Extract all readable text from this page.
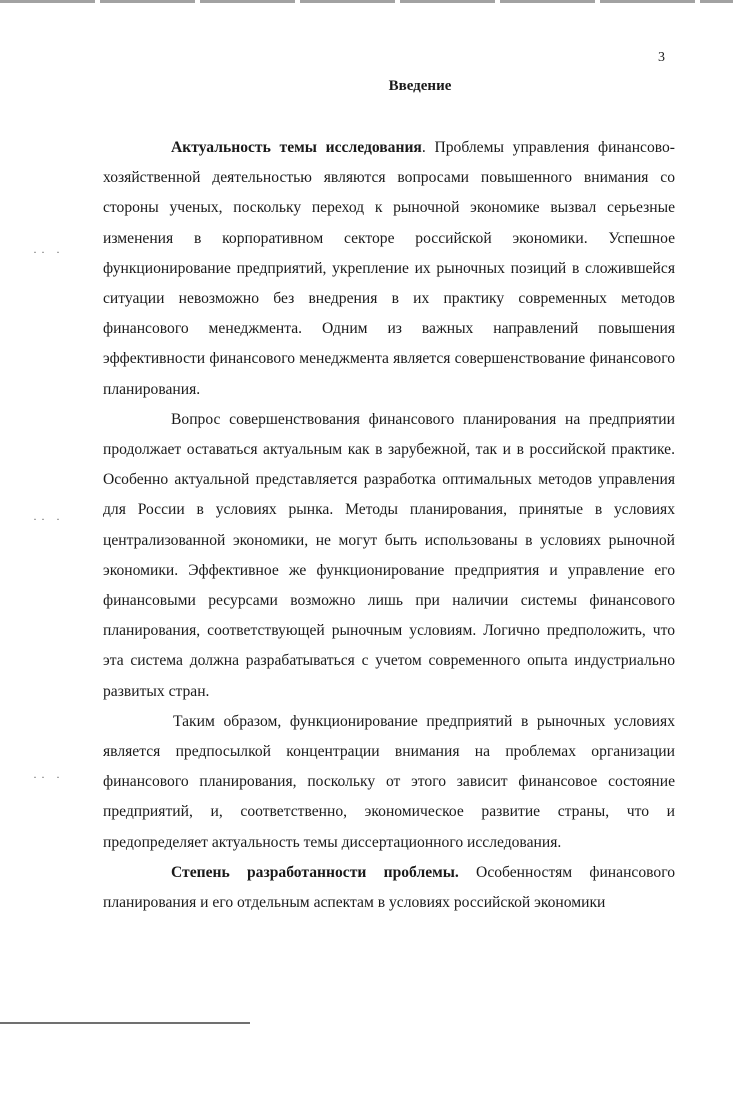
3
Введение

Актуальность темы исследования. Проблемы управления финансово-хозяйственной деятельностью являются вопросами повышенного внимания со стороны ученых, поскольку переход к рыночной экономике вызвал серьезные изменения в корпоративном секторе российской экономики. Успешное функционирование предприятий, укрепление их рыночных позиций в сложившейся ситуации невозможно без внедрения в их практику современных методов финансового менеджмента. Одним из важных направлений повышения эффективности финансового менеджмента является совершенствование финансового планирования.

Вопрос совершенствования финансового планирования на предприятии продолжает оставаться актуальным как в зарубежной, так и в российской практике. Особенно актуальной представляется разработка оптимальных методов управления для России в условиях рынка. Методы планирования, принятые в условиях централизованной экономики, не могут быть использованы в условиях рыночной экономики. Эффективное же функционирование предприятия и управление его финансовыми ресурсами возможно лишь при наличии системы финансового планирования, соответствующей рыночным условиям. Логично предположить, что эта система должна разрабатываться с учетом современного опыта индустриально развитых стран.

Таким образом, функционирование предприятий в рыночных условиях является предпосылкой концентрации внимания на проблемах организации финансового планирования, поскольку от этого зависит финансовое состояние предприятий, и, соответственно, экономическое развитие страны, что и предопределяет актуальность темы диссертационного исследования.

Степень разработанности проблемы. Особенностям финансового планирования и его отдельным аспектам в условиях российской экономики

·· ·
·· ·
·· ·
